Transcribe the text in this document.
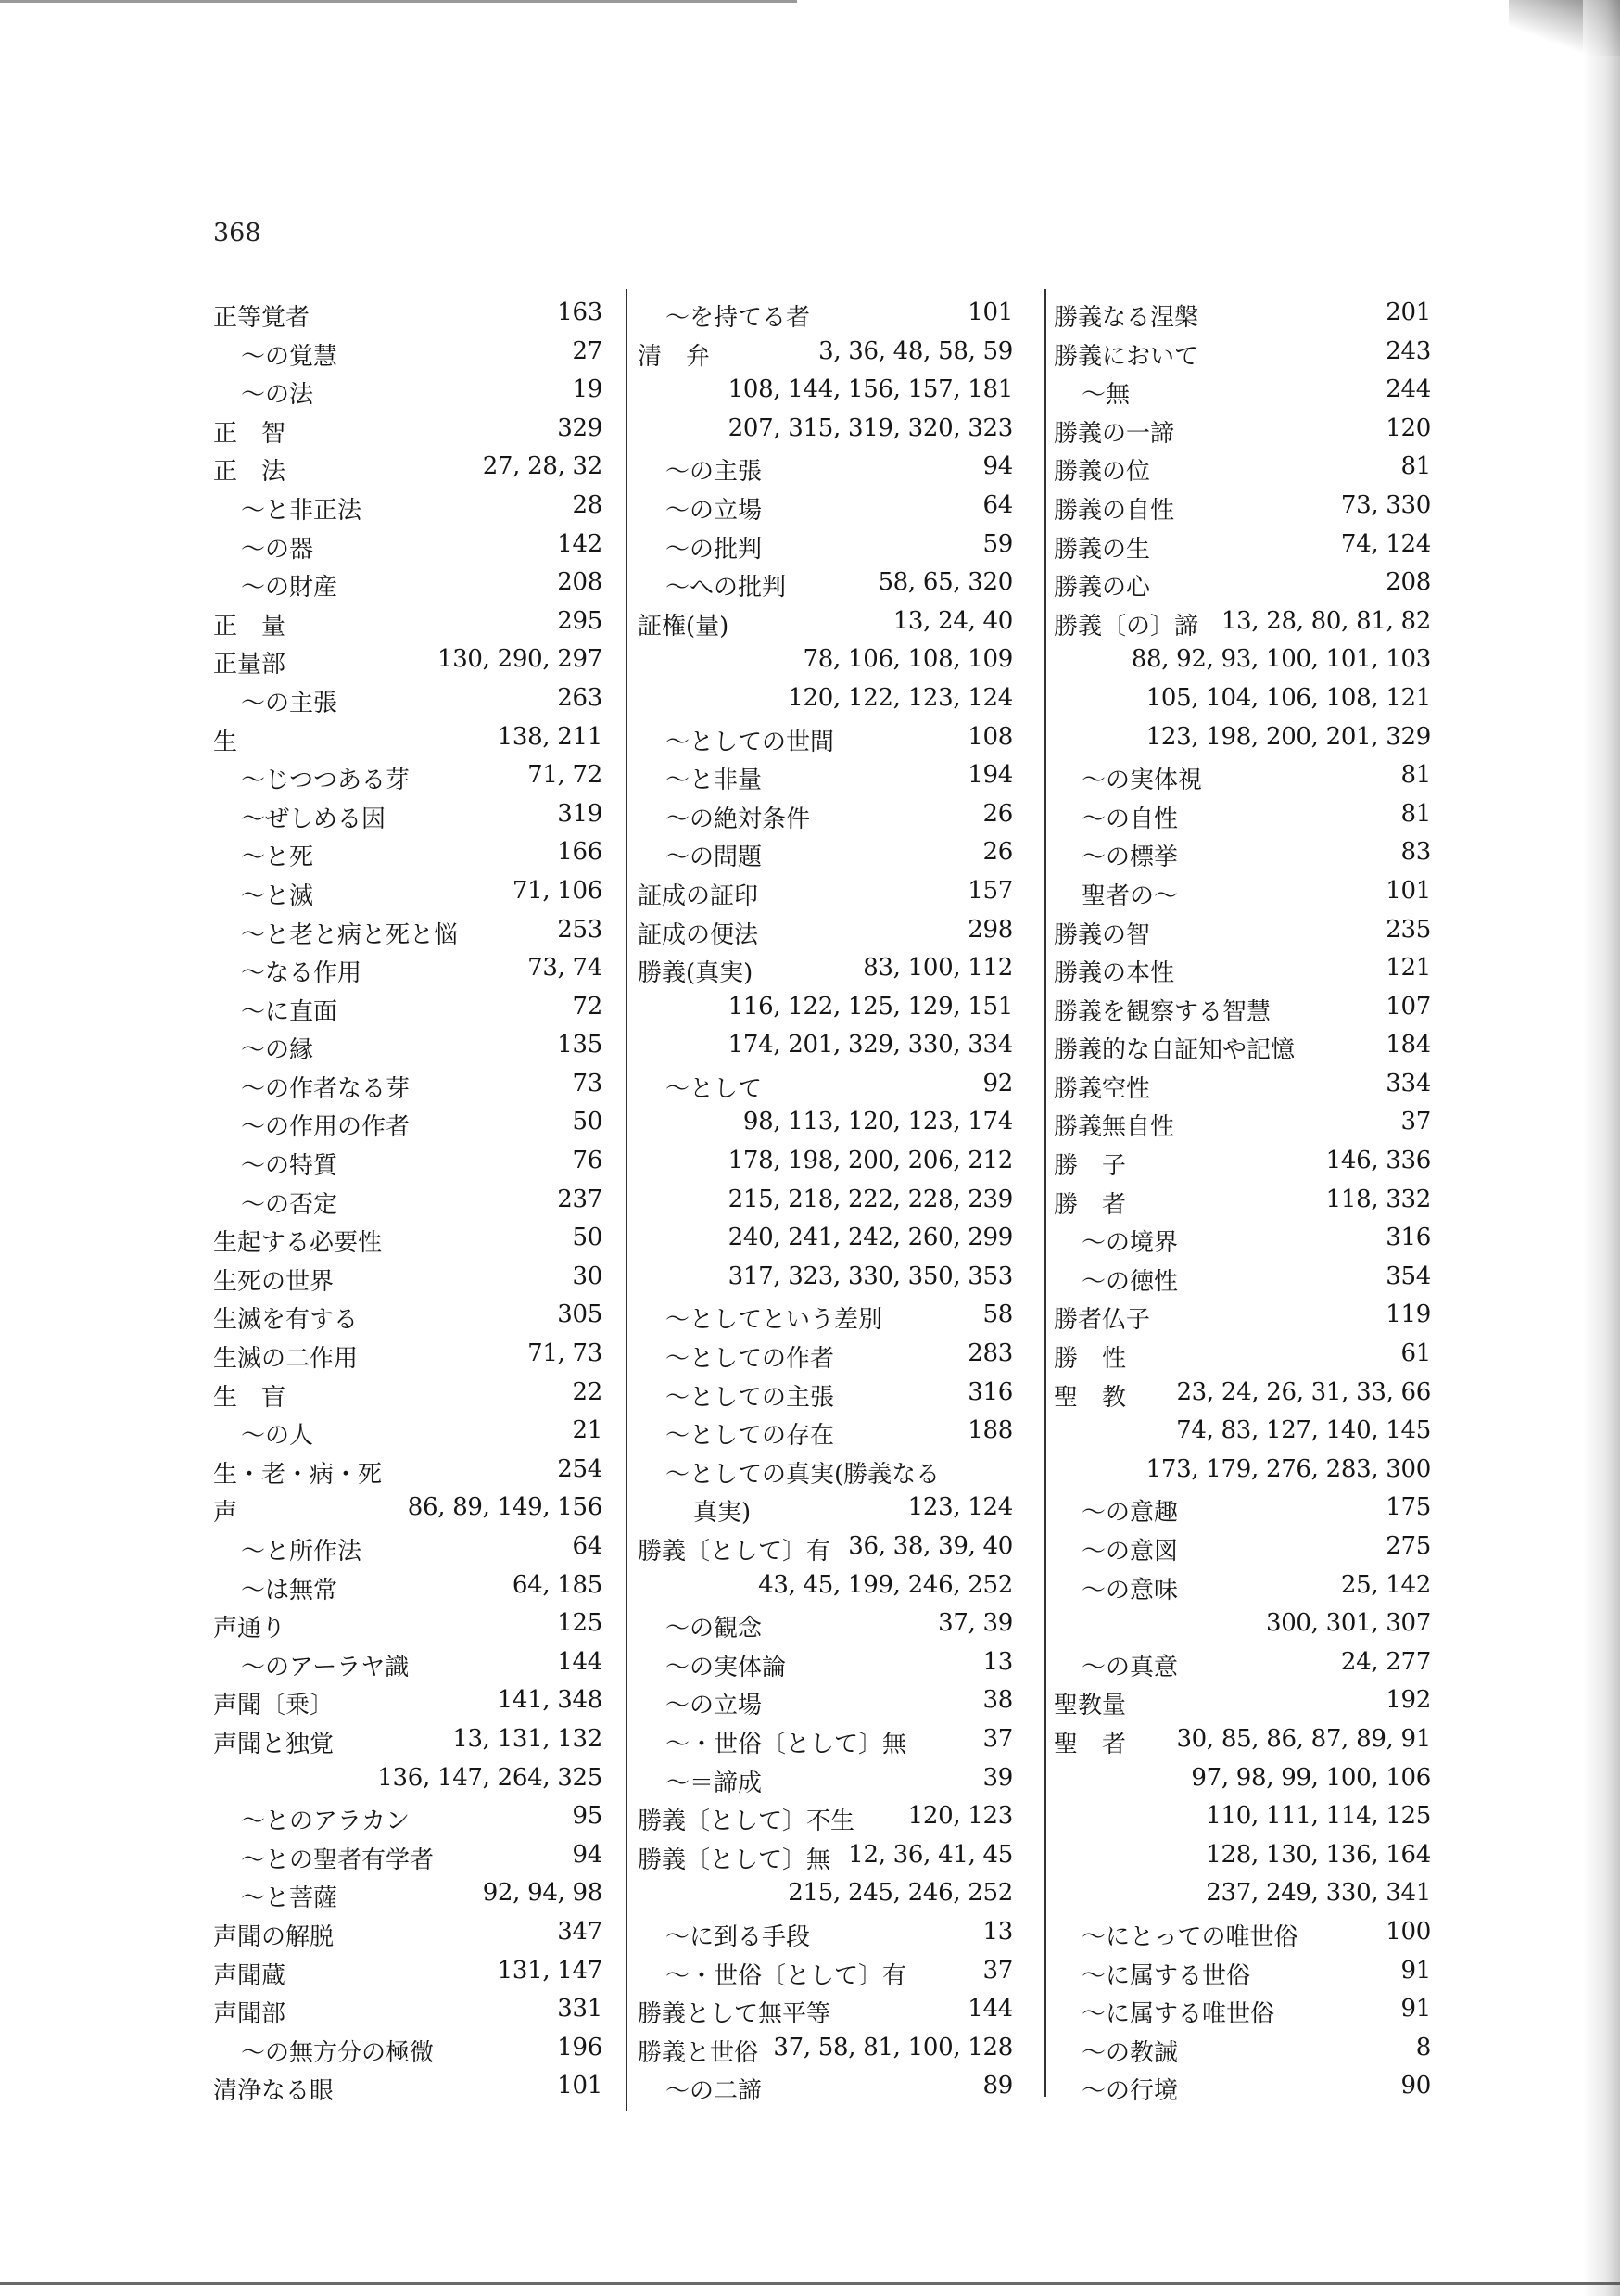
368
正等覚者	163
～の覚慧	27
～の法	19
正　智	329
正　法	27, 28, 32
～と非正法	28
～の器	142
～の財産	208
正　量	295
正量部	130, 290, 297
～の主張	263
生	138, 211
～じつつある芽	71, 72
～ぜしめる因	319
～と死	166
～と滅	71, 106
～と老と病と死と悩	253
～なる作用	73, 74
～に直面	72
～の縁	135
～の作者なる芽	73
～の作用の作者	50
～の特質	76
～の否定	237
生起する必要性	50
生死の世界	30
生滅を有する	305
生滅の二作用	71, 73
生　盲	22
～の人	21
生・老・病・死	254
声	86, 89, 149, 156
～と所作法	64
～は無常	64, 185
声通り	125
～のアーラヤ識	144
声聞〔乗〕	141, 348
声聞と独覚	13, 131, 132
136, 147, 264, 325
～とのアラカン	95
～との聖者有学者	94
～と菩薩	92, 94, 98
声聞の解脱	347
声聞蔵	131, 147
声聞部	331
～の無方分の極微	196
清浄なる眼	101
～を持てる者	101
清　弁	3, 36, 48, 58, 59
108, 144, 156, 157, 181
207, 315, 319, 320, 323
～の主張	94
～の立場	64
～の批判	59
～への批判	58, 65, 320
証権(量)	13, 24, 40
78, 106, 108, 109
120, 122, 123, 124
～としての世間	108
～と非量	194
～の絶対条件	26
～の問題	26
証成の証印	157
証成の便法	298
勝義(真実)	83, 100, 112
116, 122, 125, 129, 151
174, 201, 329, 330, 334
～として	92
98, 113, 120, 123, 174
178, 198, 200, 206, 212
215, 218, 222, 228, 239
240, 241, 242, 260, 299
317, 323, 330, 350, 353
～としてという差別	58
～としての作者	283
～としての主張	316
～としての存在	188
～としての真実(勝義なる
真実)	123, 124
勝義〔として〕有 36, 38, 39, 40
43, 45, 199, 246, 252
～の観念	37, 39
～の実体論	13
～の立場	38
～・世俗〔として〕無	37
～＝諦成	39
勝義〔として〕不生 120, 123
勝義〔として〕無 12, 36, 41, 45
215, 245, 246, 252
～に到る手段	13
～・世俗〔として〕有	37
勝義として無平等	144
勝義と世俗 37, 58, 81, 100, 128
～の二諦	89
勝義なる涅槃	201
勝義において	243
～無	244
勝義の一諦	120
勝義の位	81
勝義の自性	73, 330
勝義の生	74, 124
勝義の心	208
勝義〔の〕諦 13, 28, 80, 81, 82
88, 92, 93, 100, 101, 103
105, 104, 106, 108, 121
123, 198, 200, 201, 329
～の実体視	81
～の自性	81
～の標挙	83
聖者の～	101
勝義の智	235
勝義の本性	121
勝義を観察する智慧	107
勝義的な自証知や記憶	184
勝義空性	334
勝義無自性	37
勝　子	146, 336
勝　者	118, 332
～の境界	316
～の徳性	354
勝者仏子	119
勝　性	61
聖　教 23, 24, 26, 31, 33, 66
74, 83, 127, 140, 145
173, 179, 276, 283, 300
～の意趣	175
～の意図	275
～の意味	25, 142
300, 301, 307
～の真意	24, 277
聖教量	192
聖　者 30, 85, 86, 87, 89, 91
97, 98, 99, 100, 106
110, 111, 114, 125
128, 130, 136, 164
237, 249, 330, 341
～にとっての唯世俗	100
～に属する世俗	91
～に属する唯世俗	91
～の教誡	8
～の行境	90
